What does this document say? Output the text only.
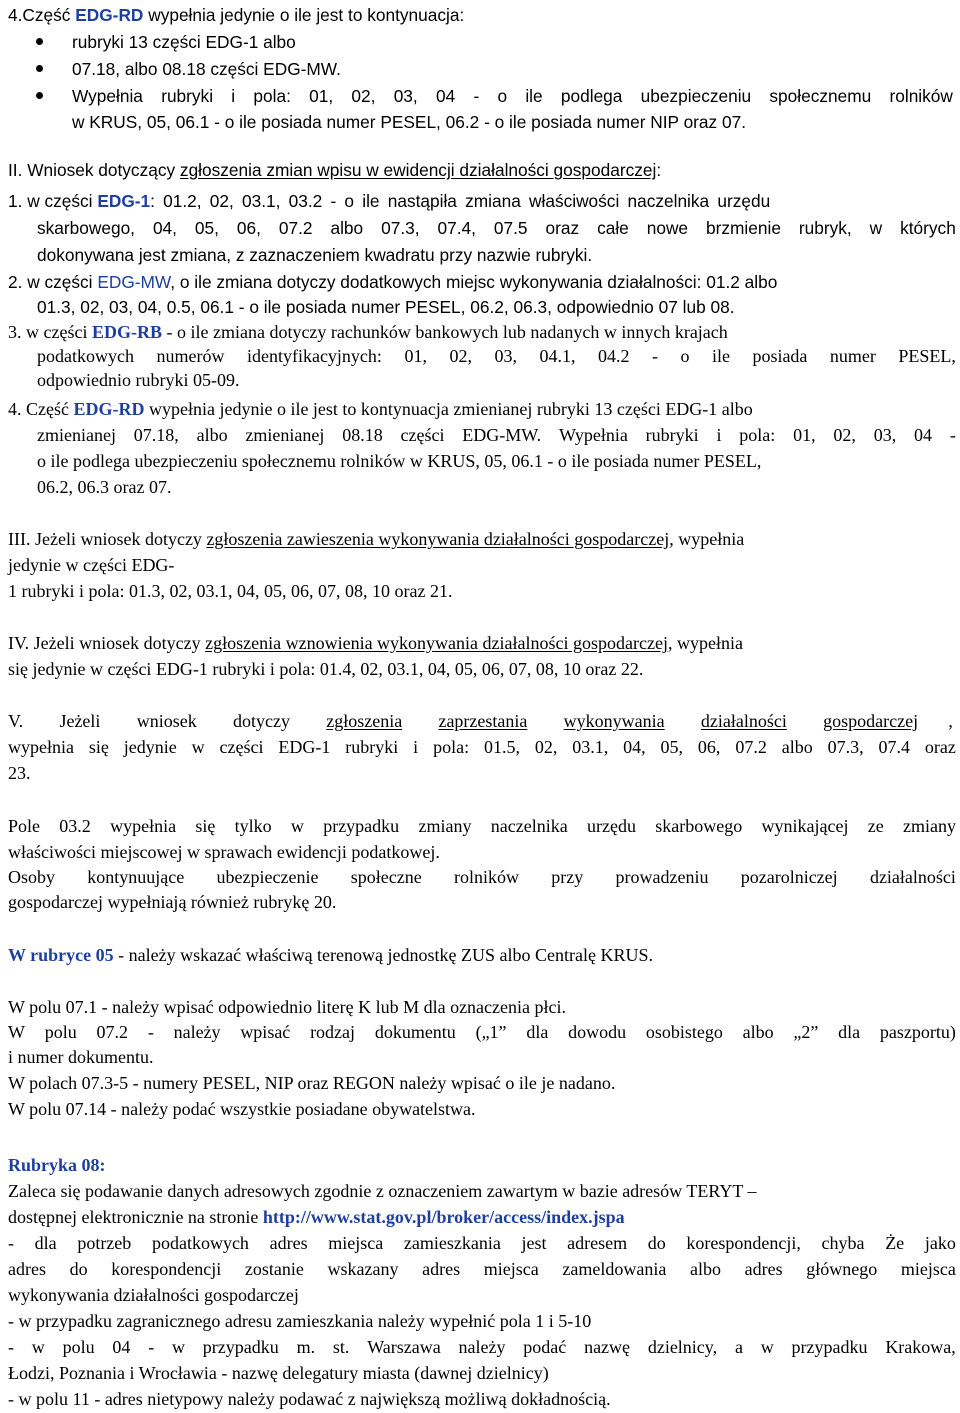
4.Część EDG-RD wypełnia jedynie o ile jest to kontynuacja:
rubryki 13 części EDG-1 albo
07.18, albo 08.18 części EDG-MW.
Wypełnia rubryki i pola: 01, 02, 03, 04 - o ile podlega ubezpieczeniu społecznemu rolników
w KRUS, 05, 06.1 - o ile posiada numer PESEL, 06.2 - o ile posiada numer NIP oraz 07.
II. Wniosek dotyczący zgłoszenia zmian wpisu w ewidencji działalności gospodarczej:
1. w części EDG-1: 01.2, 02, 03.1, 03.2 - o ile nastąpiła zmiana właściwości naczelnika urzędu
skarbowego, 04, 05, 06, 07.2 albo 07.3, 07.4, 07.5 oraz całe nowe brzmienie rubryk, w których
dokonywana jest zmiana, z zaznaczeniem kwadratu przy nazwie rubryki.
2. w części EDG-MW, o ile zmiana dotyczy dodatkowych miejsc wykonywania działalności: 01.2 albo
01.3, 02, 03, 04, 0.5, 06.1 - o ile posiada numer PESEL, 06.2, 06.3, odpowiednio 07 lub 08.
3. w części EDG-RB - o ile zmiana dotyczy rachunków bankowych lub nadanych w innych krajach
podatkowych numerów identyfikacyjnych: 01, 02, 03, 04.1, 04.2 - o ile posiada numer PESEL,
odpowiednio rubryki 05-09.
4. Część EDG-RD wypełnia jedynie o ile jest to kontynuacja zmienianej rubryki 13 części EDG-1 albo
zmienianej 07.18, albo zmienianej 08.18 części EDG-MW. Wypełnia rubryki i pola: 01, 02, 03, 04 -
o ile podlega ubezpieczeniu społecznemu rolników w KRUS, 05, 06.1 - o ile posiada numer PESEL,
06.2, 06.3 oraz 07.
III. Jeżeli wniosek dotyczy zgłoszenia zawieszenia wykonywania działalności gospodarczej, wypełnia
jedynie w części EDG-
1 rubryki i pola: 01.3, 02, 03.1, 04, 05, 06, 07, 08, 10 oraz 21.
IV. Jeżeli wniosek dotyczy zgłoszenia wznowienia wykonywania działalności gospodarczej, wypełnia
się jedynie w części EDG-1 rubryki i pola: 01.4, 02, 03.1, 04, 05, 06, 07, 08, 10 oraz 22.
V. Jeżeli wniosek dotyczy zgłoszenia zaprzestania wykonywania działalności gospodarczej ,
wypełnia się jedynie w części EDG-1 rubryki i pola: 01.5, 02, 03.1, 04, 05, 06, 07.2 albo 07.3, 07.4 oraz
23.
Pole 03.2 wypełnia się tylko w przypadku zmiany naczelnika urzędu skarbowego wynikającej ze zmiany
właściwości miejscowej w sprawach ewidencji podatkowej.
Osoby kontynuujące ubezpieczenie społeczne rolników przy prowadzeniu pozarolniczej działalności
gospodarczej wypełniają również rubrykę 20.
W rubryce 05 - należy wskazać właściwą terenową jednostkę ZUS albo Centralę KRUS.
W polu 07.1 - należy wpisać odpowiednio literę K lub M dla oznaczenia płci.
W polu 07.2 - należy wpisać rodzaj dokumentu („1” dla dowodu osobistego albo „2” dla paszportu)
i numer dokumentu.
W polach 07.3-5 - numery PESEL, NIP oraz REGON należy wpisać o ile je nadano.
W polu 07.14 - należy podać wszystkie posiadane obywatelstwa.
Rubryka 08:
Zaleca się podawanie danych adresowych zgodnie z oznaczeniem zawartym w bazie adresów TERYT –
dostępnej elektronicznie na stronie http://www.stat.gov.pl/broker/access/index.jspa
- dla potrzeb podatkowych adres miejsca zamieszkania jest adresem do korespondencji, chyba Że jako
adres do korespondencji zostanie wskazany adres miejsca zameldowania albo adres głównego miejsca
wykonywania działalności gospodarczej
- w przypadku zagranicznego adresu zamieszkania należy wypełnić pola 1 i 5-10
- w polu 04 - w przypadku m. st. Warszawa należy podać nazwę dzielnicy, a w przypadku Krakowa,
Łodzi, Poznania i Wrocławia - nazwę delegatury miasta (dawnej dzielnicy)
- w polu 11 - adres nietypowy należy podawać z największą możliwą dokładnością.
